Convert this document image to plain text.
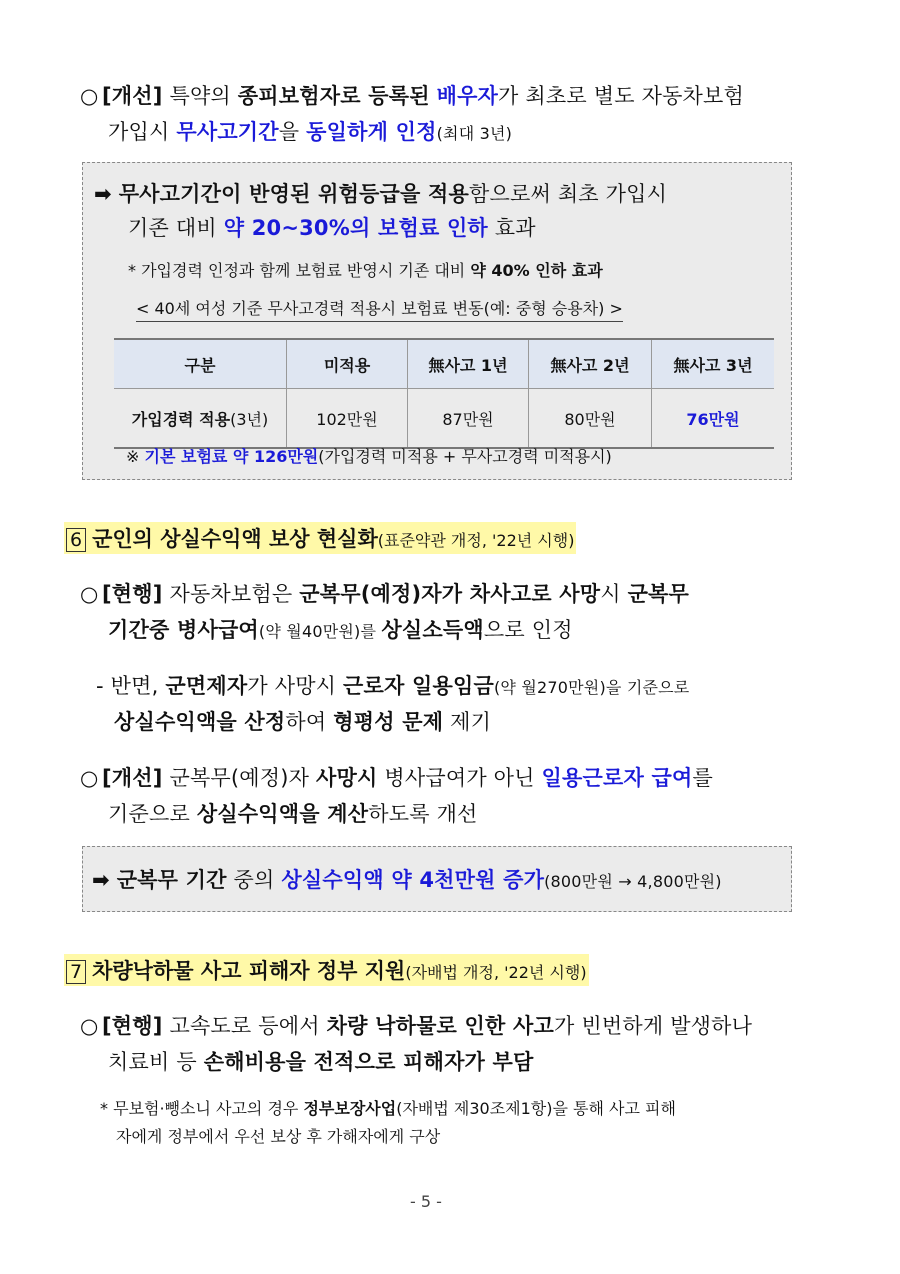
○ [개선] 특약의 종피보험자로 등록된 배우자가 최초로 별도 자동차보험
가입시 무사고기간을 동일하게 인정(최대 3년)
➡ 무사고기간이 반영된 위험등급을 적용함으로써 최초 가입시
기존 대비 약 20~30%의 보험료 인하 효과
* 가입경력 인정과 함께 보험료 반영시 기존 대비 약 40% 인하 효과
< 40세 여성 기준 무사고경력 적용시 보험료 변동(예: 중형 승용차) >
구분	미적용	無사고 1년	無사고 2년	無사고 3년
가입경력 적용(3년)	102만원	87만원	80만원	76만원
※ 기본 보험료 약 126만원(가입경력 미적용 + 무사고경력 미적용시)
6 군인의 상실수익액 보상 현실화(표준약관 개정, '22년 시행)
○ [현행] 자동차보험은 군복무(예정)자가 차사고로 사망시 군복무
기간중 병사급여(약 월40만원)를 상실소득액으로 인정
- 반면, 군면제자가 사망시 근로자 일용임금(약 월270만원)을 기준으로
상실수익액을 산정하여 형평성 문제 제기
○ [개선] 군복무(예정)자 사망시 병사급여가 아닌 일용근로자 급여를
기준으로 상실수익액을 계산하도록 개선
➡ 군복무 기간 중의 상실수익액 약 4천만원 증가(800만원 → 4,800만원)
7 차량낙하물 사고 피해자 정부 지원(자배법 개정, '22년 시행)
○ [현행] 고속도로 등에서 차량 낙하물로 인한 사고가 빈번하게 발생하나
치료비 등 손해비용을 전적으로 피해자가 부담
* 무보험·뺑소니 사고의 경우 정부보장사업(자배법 제30조제1항)을 통해 사고 피해
자에게 정부에서 우선 보상 후 가해자에게 구상
- 5 -
